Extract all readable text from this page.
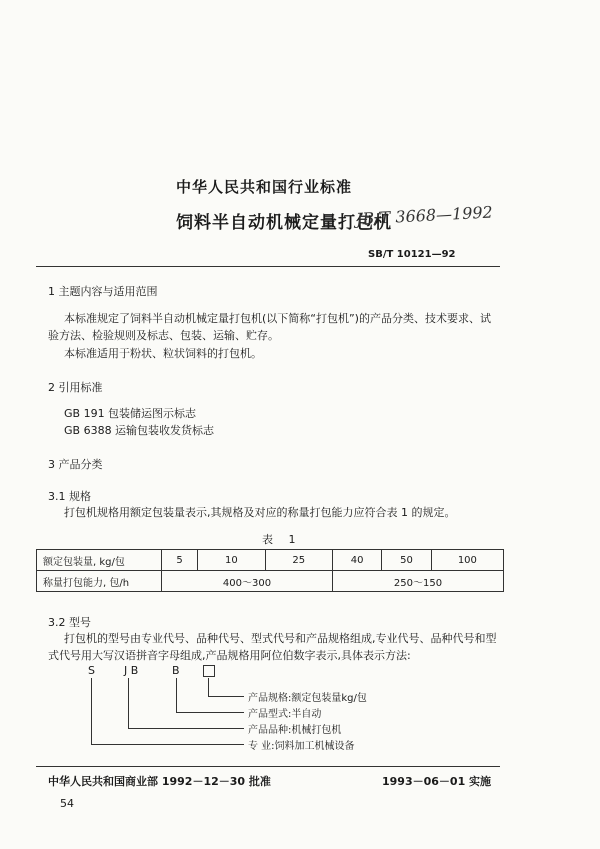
中华人民共和国行业标准
饲料半自动机械定量打包机
JB/T 3668—1992
SB/T 10121—92
1 主题内容与适用范围
本标准规定了饲料半自动机械定量打包机(以下简称“打包机”)的产品分类、技术要求、试
验方法、检验规则及标志、包装、运输、贮存。
本标准适用于粉状、粒状饲料的打包机。
2 引用标准
GB 191 包装储运图示标志
GB 6388 运输包装收发货标志
3 产品分类
3.1 规格
打包机规格用额定包装量表示,其规格及对应的称量打包能力应符合表 1 的规定。
表 1
额定包装量, kg/包	5	10	25	40	50	100
称量打包能力, 包/h	400～300			250～150		
3.2 型号
打包机的型号由专业代号、品种代号、型式代号和产品规格组成,专业代号、品种代号和型
式代号用大写汉语拼音字母组成,产品规格用阿位伯数字表示,具体表示方法:
S	J B	B
产品规格:额定包装量kg/包
产品型式:半自动
产品品种:机械打包机
专 业:饲料加工机械设备
中华人民共和国商业部 1992－12－30 批准	1993－06－01 实施
54
